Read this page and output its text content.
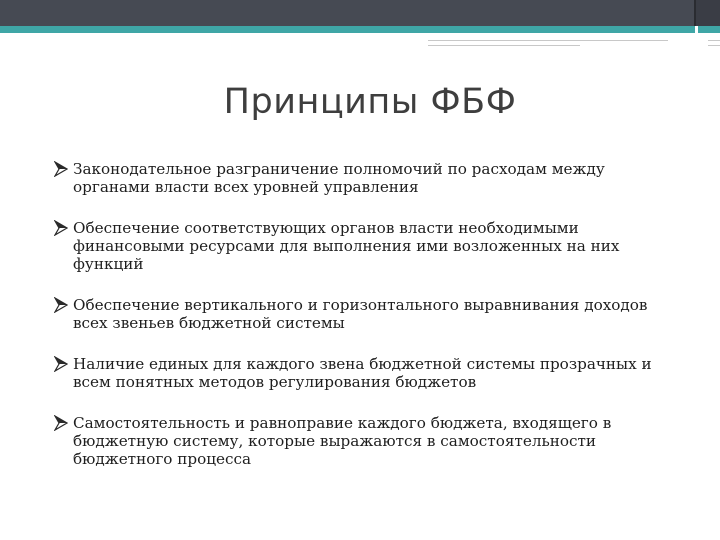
Принципы ФБФ
Законодательное разграничение полномочий по расходам между органами власти всех уровней управления
Обеспечение соответствующих органов власти необходимыми финансовыми ресурсами для выполнения ими возложенных на них функций
Обеспечение вертикального и горизонтального выравнивания доходов всех звеньев бюджетной системы
Наличие единых для каждого звена бюджетной системы прозрачных и всем понятных методов регулирования бюджетов
Самостоятельность и равноправие каждого бюджета, входящего в бюджетную систему, которые выражаются в самостоятельности бюджетного процесса
